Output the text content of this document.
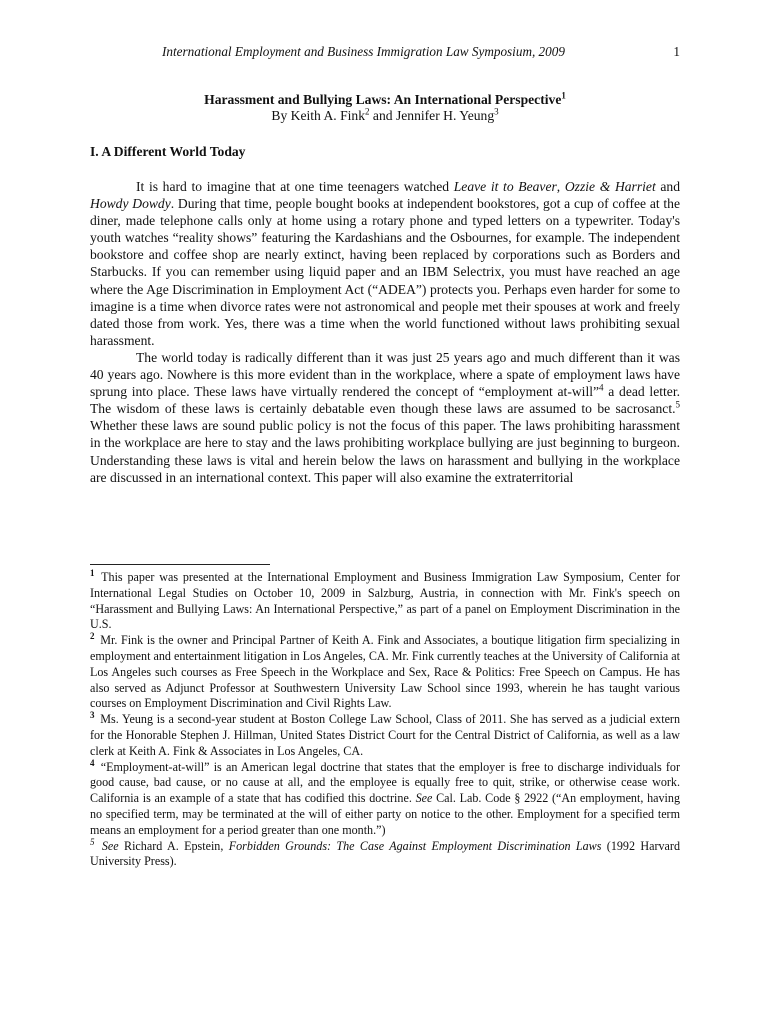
International Employment and Business Immigration Law Symposium, 2009	1
Harassment and Bullying Laws: An International Perspective$^1$
By Keith A. Fink$^2$ and Jennifer H. Yeung$^3$
I. A Different World Today

It is hard to imagine that at one time teenagers watched Leave it to Beaver, Ozzie & Harriet and Howdy Dowdy. During that time, people bought books at independent bookstores, got a cup of coffee at the diner, made telephone calls only at home using a rotary phone and typed letters on a typewriter. Today's youth watches “reality shows” featuring the Kardashians and the Osbournes, for example. The independent bookstore and coffee shop are nearly extinct, having been replaced by corporations such as Borders and Starbucks. If you can remember using liquid paper and an IBM Selectrix, you must have reached an age where the Age Discrimination in Employment Act (“ADEA”) protects you. Perhaps even harder for some to imagine is a time when divorce rates were not astronomical and people met their spouses at work and freely dated those from work. Yes, there was a time when the world functioned without laws prohibiting sexual harassment.

The world today is radically different than it was just 25 years ago and much different than it was 40 years ago. Nowhere is this more evident than in the workplace, where a spate of employment laws have sprung into place. These laws have virtually rendered the concept of “employment at-will”$^4$ a dead letter. The wisdom of these laws is certainly debatable even though these laws are assumed to be sacrosanct.$^5$ Whether these laws are sound public policy is not the focus of this paper. The laws prohibiting harassment in the workplace are here to stay and the laws prohibiting workplace bullying are just beginning to burgeon. Understanding these laws is vital and herein below the laws on harassment and bullying in the workplace are discussed in an international context. This paper will also examine the extraterritorial

$^1$ This paper was presented at the International Employment and Business Immigration Law Symposium, Center for International Legal Studies on October 10, 2009 in Salzburg, Austria, in connection with Mr. Fink's speech on “Harassment and Bullying Laws: An International Perspective,” as part of a panel on Employment Discrimination in the U.S.

$^2$ Mr. Fink is the owner and Principal Partner of Keith A. Fink and Associates, a boutique litigation firm specializing in employment and entertainment litigation in Los Angeles, CA. Mr. Fink currently teaches at the University of California at Los Angeles such courses as Free Speech in the Workplace and Sex, Race & Politics: Free Speech on Campus. He has also served as Adjunct Professor at Southwestern University Law School since 1993, wherein he has taught various courses on Employment Discrimination and Civil Rights Law.

$^3$ Ms. Yeung is a second-year student at Boston College Law School, Class of 2011. She has served as a judicial extern for the Honorable Stephen J. Hillman, United States District Court for the Central District of California, as well as a law clerk at Keith A. Fink & Associates in Los Angeles, CA.

$^4$ “Employment-at-will” is an American legal doctrine that states that the employer is free to discharge individuals for good cause, bad cause, or no cause at all, and the employee is equally free to quit, strike, or otherwise cease work. California is an example of a state that has codified this doctrine. See Cal. Lab. Code § 2922 (“An employment, having no specified term, may be terminated at the will of either party on notice to the other. Employment for a specified term means an employment for a period greater than one month.”)

$^5$ See Richard A. Epstein, Forbidden Grounds: The Case Against Employment Discrimination Laws (1992 Harvard University Press).
